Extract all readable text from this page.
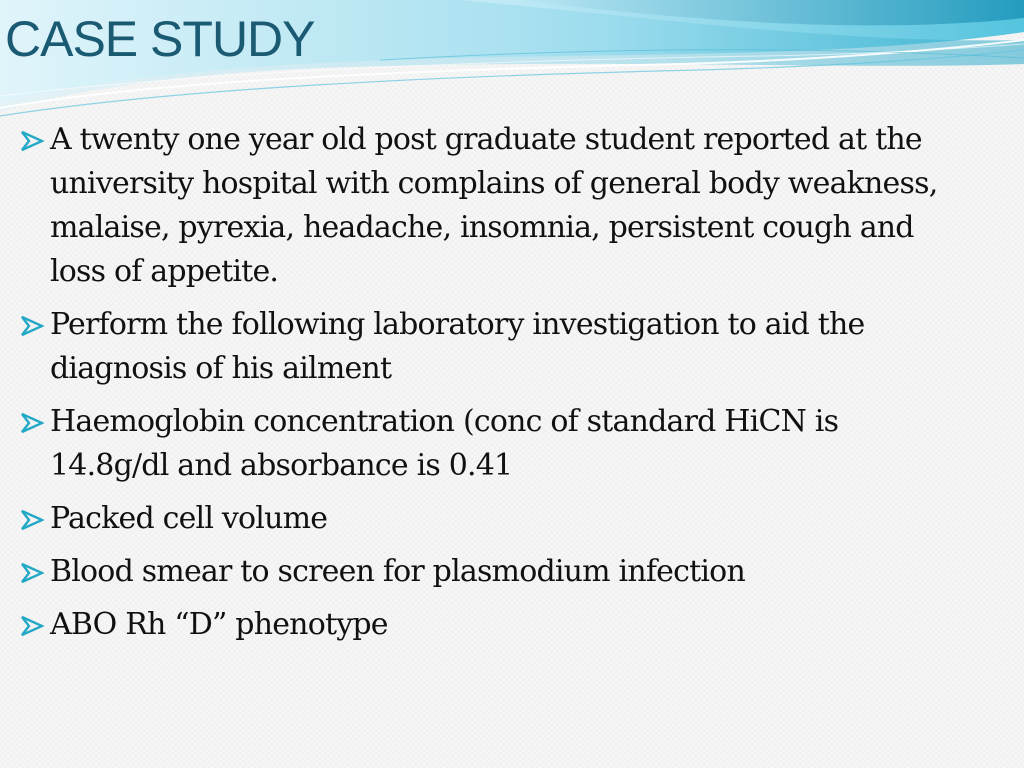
CASE STUDY
A twenty one year old post graduate student reported at the university hospital with complains of general body weakness, malaise, pyrexia, headache, insomnia, persistent cough and loss of appetite.
Perform the following laboratory investigation to aid the diagnosis of his ailment
Haemoglobin concentration (conc of standard HiCN is 14.8g/dl and absorbance is 0.41
Packed cell volume
Blood smear to screen for plasmodium infection
ABO Rh “D” phenotype
